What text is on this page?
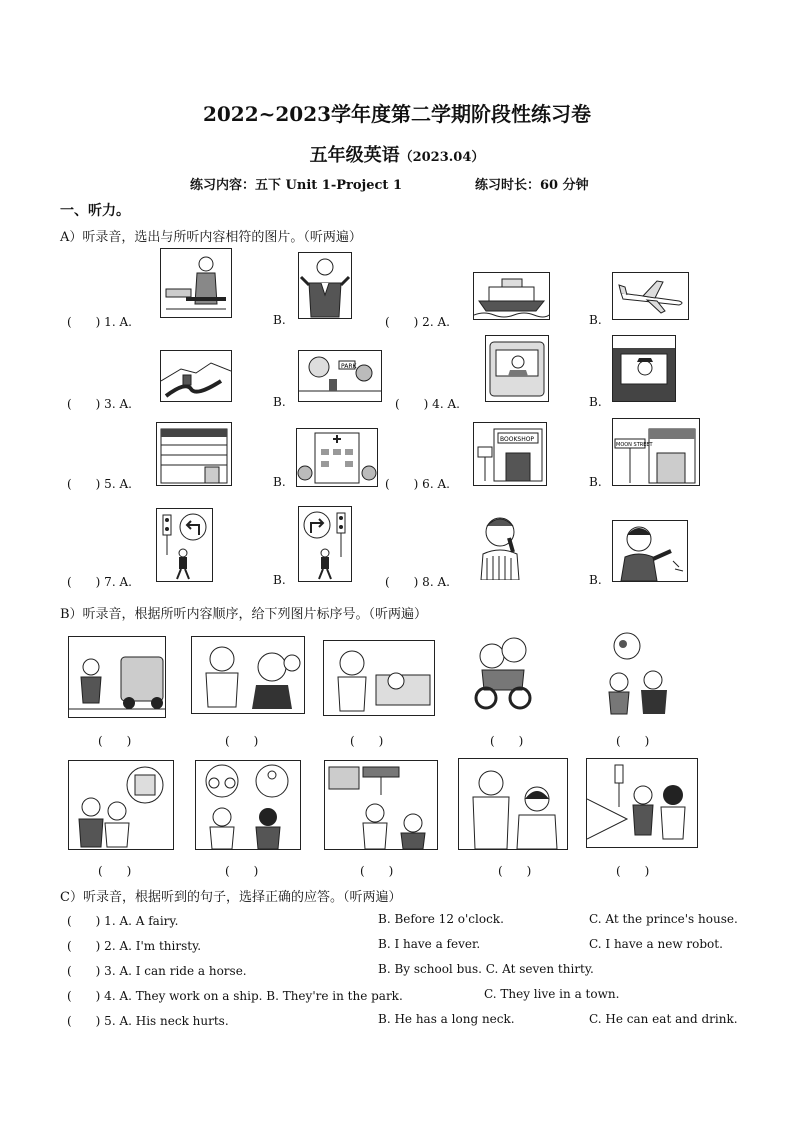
2022~2023学年度第二学期阶段性练习卷
五年级英语（2023.04）
练习内容：五下 Unit 1-Project 1	练习时长：60 分钟
一、听力。
A）听录音，选出与所听内容相符的图片。（听两遍）
(　　) 1. A.	B.	(　　) 2. A.	B.
(　　) 3. A.	B.
PARK
(　　) 4. A.	B.
(　　) 5. A.	B.	(　　) 6. A.
BOOKSHOP
B.
MOON STREET
(　　) 7. A.	B.	(　　) 8. A.	B.
B）听录音，根据所听内容顺序，给下列图片标序号。（听两遍）
(　　)	(　　)	(　　)	(　　)	(　　)
(　　)	(　　)	(　　)	(　　)	(　　)
C）听录音，根据听到的句子，选择正确的应答。（听两遍）
(　　) 1. A. A fairy.	B. Before 12 o'clock.	C. At the prince's house.
(　　) 2. A. I'm thirsty.	B. I have a fever.	C. I have a new robot.
(　　) 3. A. I can ride a horse.	B. By school bus. C. At seven thirty.
(　　) 4. A. They work on a ship. B. They're in the park.	C. They live in a town.
(　　) 5. A. His neck hurts.	B. He has a long neck.	C. He can eat and drink.
